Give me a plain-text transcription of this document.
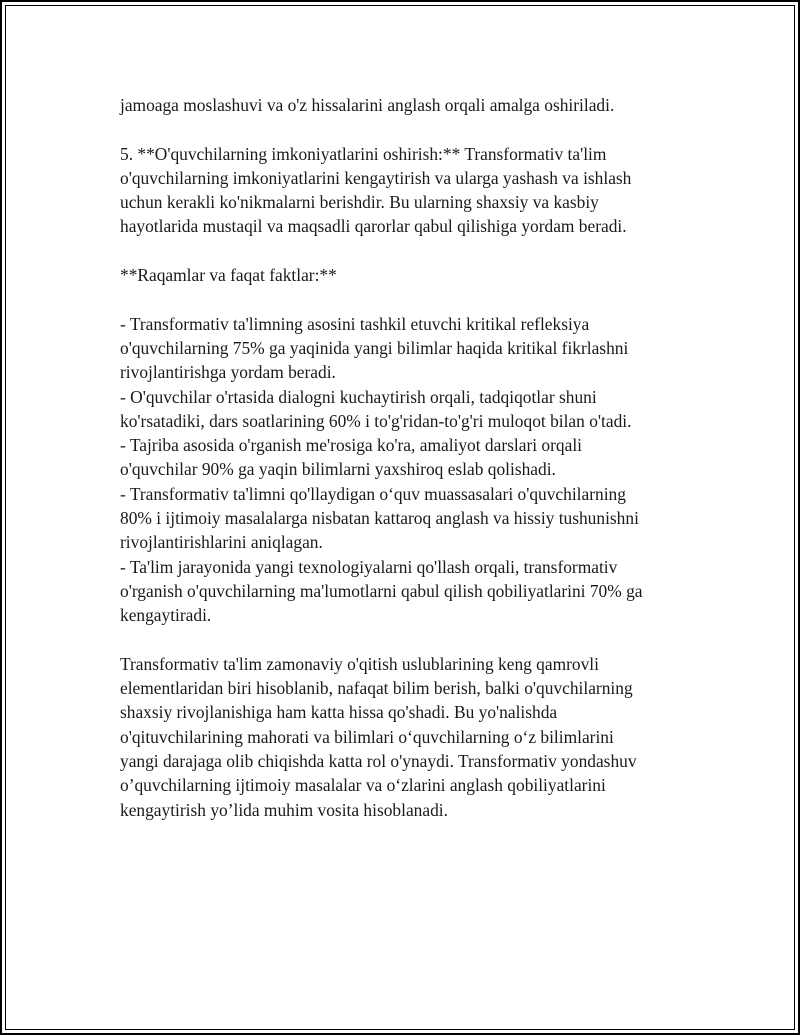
jamoaga moslashuvi va o'z hissalarini anglash orqali amalga oshiriladi.

5. **O'quvchilarning imkoniyatlarini oshirish:** Transformativ ta'lim
o'quvchilarning imkoniyatlarini kengaytirish va ularga yashash va ishlash
uchun kerakli ko'nikmalarni berishdir. Bu ularning shaxsiy va kasbiy
hayotlarida mustaqil va maqsadli qarorlar qabul qilishiga yordam beradi.

**Raqamlar va faqat faktlar:**

- Transformativ ta'limning asosini tashkil etuvchi kritikal refleksiya
o'quvchilarning 75% ga yaqinida yangi bilimlar haqida kritikal fikrlashni
rivojlantirishga yordam beradi.

- O'quvchilar o'rtasida dialogni kuchaytirish orqali, tadqiqotlar shuni
ko'rsatadiki, dars soatlarining 60% i to'g'ridan-to'g'ri muloqot bilan o'tadi.

- Tajriba asosida o'rganish me'rosiga ko'ra, amaliyot darslari orqali
o'quvchilar 90% ga yaqin bilimlarni yaxshiroq eslab qolishadi.

- Transformativ ta'limni qo'llaydigan o‘quv muassasalari o'quvchilarning
80% i ijtimoiy masalalarga nisbatan kattaroq anglash va hissiy tushunishni
rivojlantirishlarini aniqlagan.

- Ta'lim jarayonida yangi texnologiyalarni qo'llash orqali, transformativ
o'rganish o'quvchilarning ma'lumotlarni qabul qilish qobiliyatlarini 70% ga
kengaytiradi.

Transformativ ta'lim zamonaviy o'qitish uslublarining keng qamrovli
elementlaridan biri hisoblanib, nafaqat bilim berish, balki o'quvchilarning
shaxsiy rivojlanishiga ham katta hissa qo'shadi. Bu yo'nalishda
o'qituvchilarining mahorati va bilimlari o‘quvchilarning o‘z bilimlarini
yangi darajaga olib chiqishda katta rol o'ynaydi. Transformativ yondashuv
o’quvchilarning ijtimoiy masalalar va o‘zlarini anglash qobiliyatlarini
kengaytirish yo’lida muhim vosita hisoblanadi.
